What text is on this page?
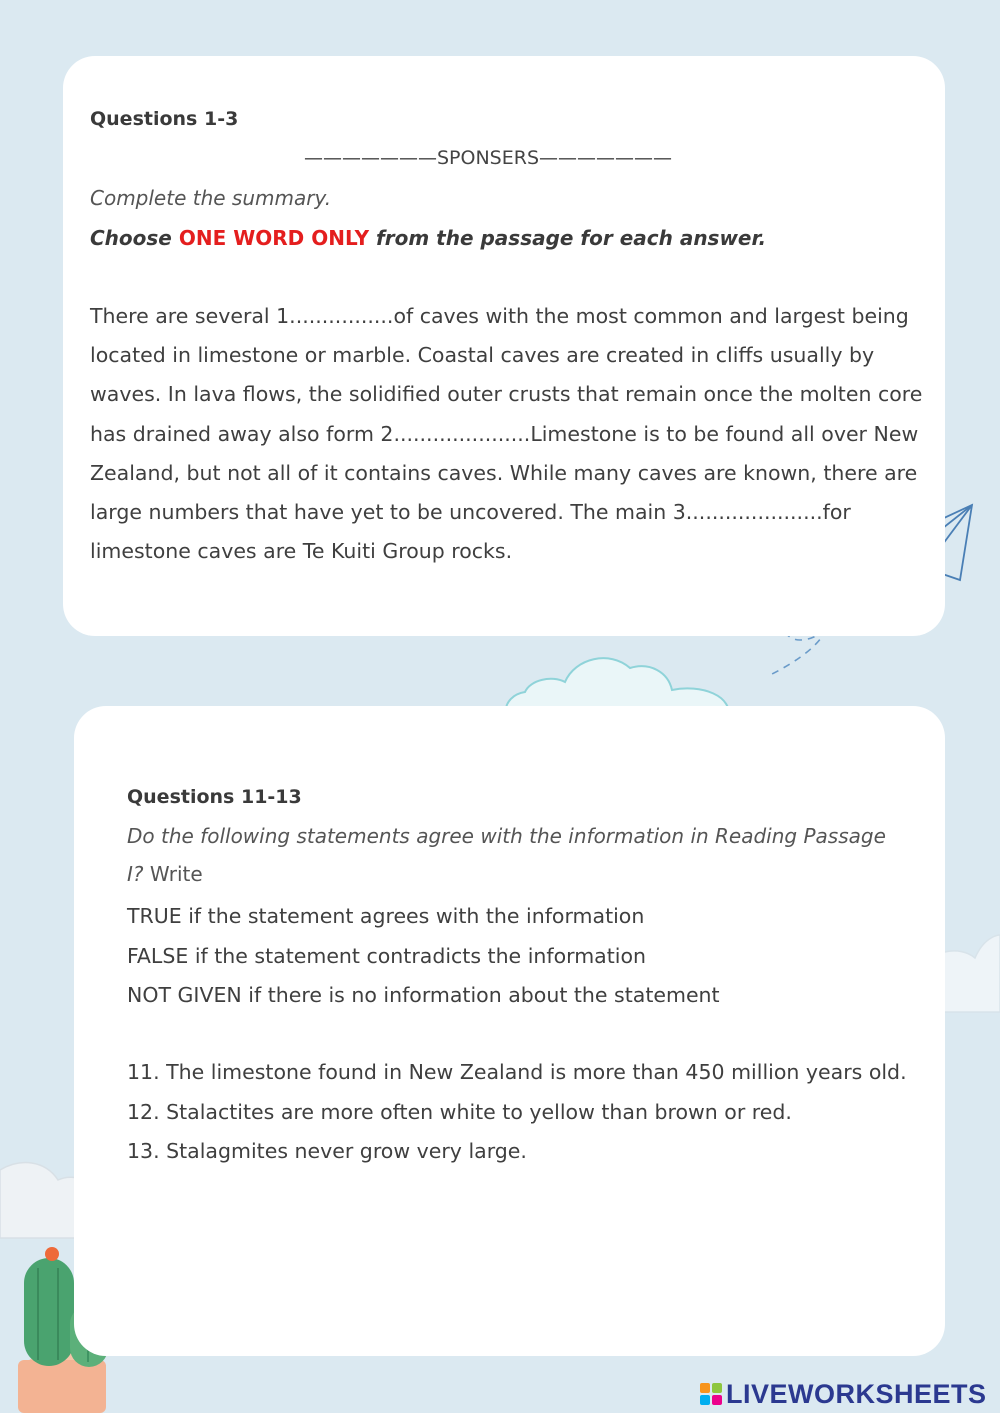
Questions 1-3
———————SPONSERS———————
Complete the summary.
Choose ONE WORD ONLY from the passage for each answer.
There are several 1................of caves with the most common and largest being
located in limestone or marble. Coastal caves are created in cliffs usually by
waves. In lava flows, the solidified outer crusts that remain once the molten core
has drained away also form 2.....................Limestone is to be found all over New
Zealand, but not all of it contains caves. While many caves are known, there are
large numbers that have yet to be uncovered. The main 3.....................for
limestone caves are Te Kuiti Group rocks.
Questions 11-13
Do the following statements agree with the information in Reading Passage
I? Write
TRUE if the statement agrees with the information
FALSE if the statement contradicts the information
NOT GIVEN if there is no information about the statement
11. The limestone found in New Zealand is more than 450 million years old.
12. Stalactites are more often white to yellow than brown or red.
13. Stalagmites never grow very large.
LIVEWORKSHEETS
